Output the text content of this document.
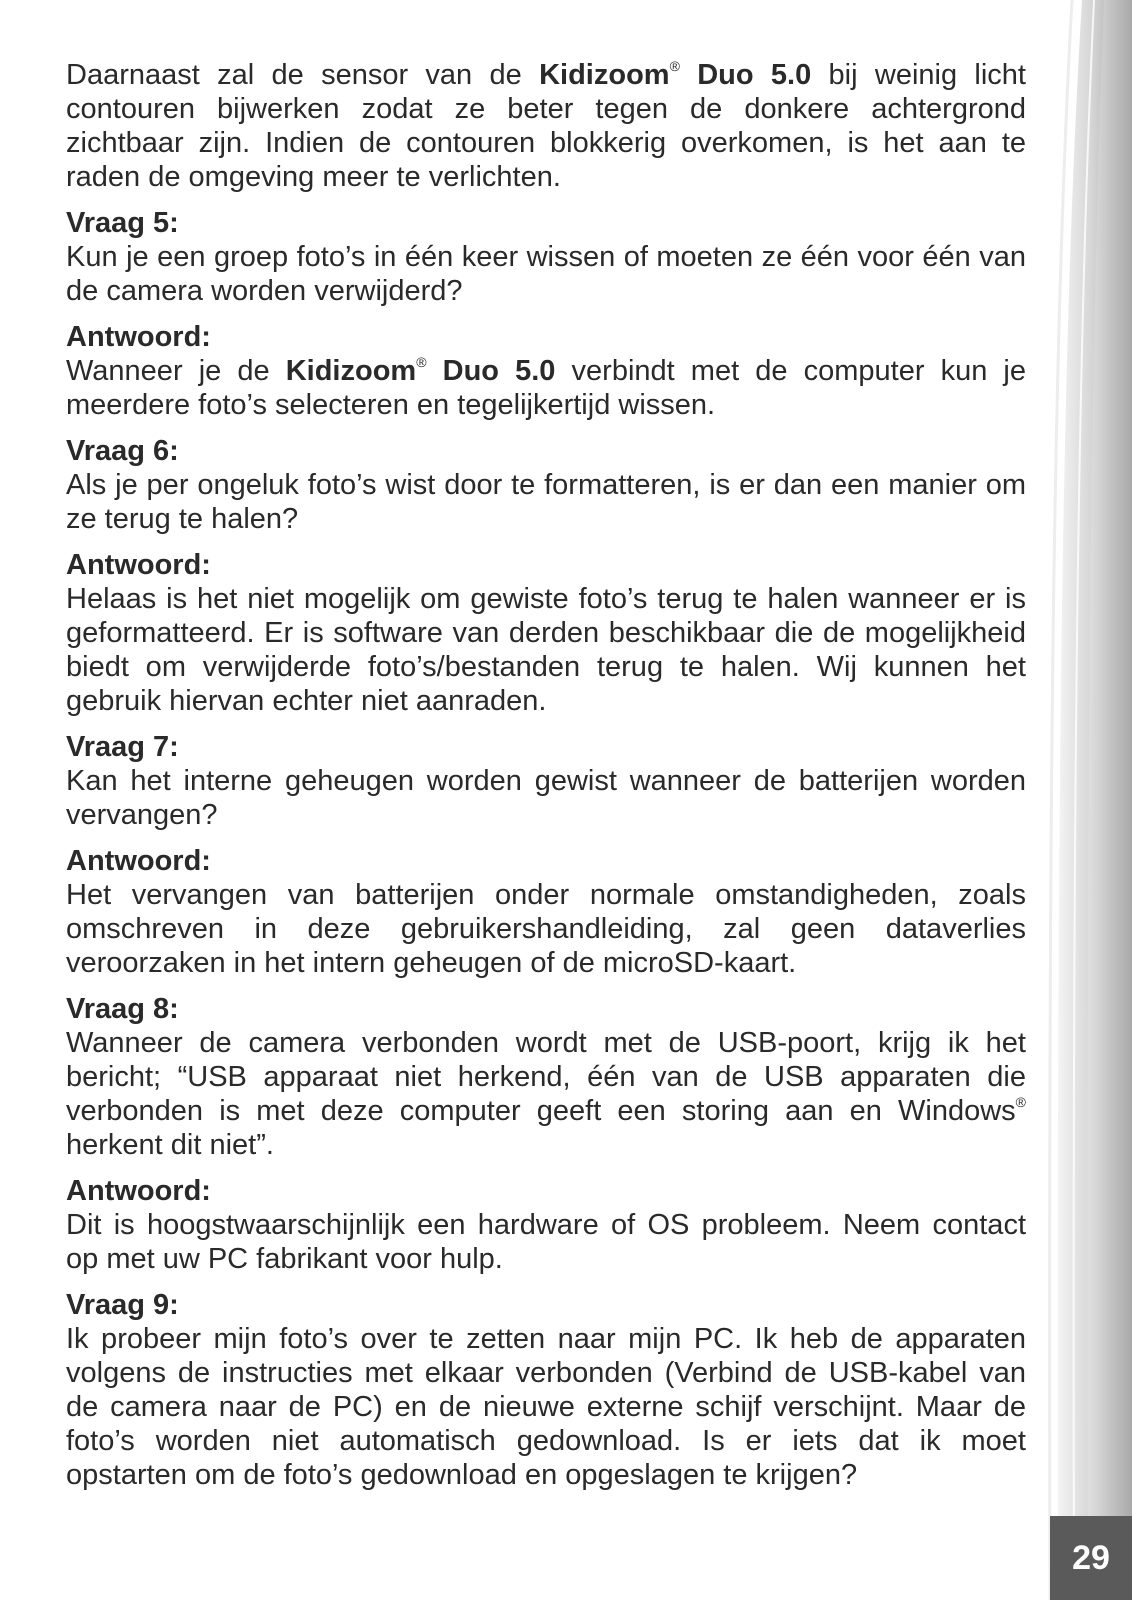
Daarnaast zal de sensor van de Kidizoom® Duo 5.0 bij weinig licht contouren bijwerken zodat ze beter tegen de donkere achtergrond zichtbaar zijn. Indien de contouren blokkerig overkomen, is het aan te raden de omgeving meer te verlichten.

Vraag 5:

Kun je een groep foto’s in één keer wissen of moeten ze één voor één van de camera worden verwijderd?

Antwoord:

Wanneer je de Kidizoom® Duo 5.0 verbindt met de computer kun je meerdere foto’s selecteren en tegelijkertijd wissen.

Vraag 6:

Als je per ongeluk foto’s wist door te formatteren, is er dan een manier om ze terug te halen?

Antwoord:

Helaas is het niet mogelijk om gewiste foto’s terug te halen wanneer er is geformatteerd. Er is software van derden beschikbaar die de mogelijkheid biedt om verwijderde foto’s/bestanden terug te halen. Wij kunnen het gebruik hiervan echter niet aanraden.

Vraag 7:

Kan het interne geheugen worden gewist wanneer de batterijen worden vervangen?

Antwoord:

Het vervangen van batterijen onder normale omstandigheden, zoals omschreven in deze gebruikershandleiding, zal geen dataverlies veroorzaken in het intern geheugen of de microSD-kaart.

Vraag 8:

Wanneer de camera verbonden wordt met de USB-poort, krijg ik het bericht; “USB apparaat niet herkend, één van de USB apparaten die verbonden is met deze computer geeft een storing aan en Windows® herkent dit niet”.

Antwoord:

Dit is hoogstwaarschijnlijk een hardware of OS probleem. Neem contact op met uw PC fabrikant voor hulp.

Vraag 9:

Ik probeer mijn foto’s over te zetten naar mijn PC. Ik heb de apparaten volgens de instructies met elkaar verbonden (Verbind de USB-kabel van de camera naar de PC) en de nieuwe externe schijf verschijnt. Maar de foto’s worden niet automatisch gedownload. Is er iets dat ik moet opstarten om de foto’s gedownload en opgeslagen te krijgen?

29
